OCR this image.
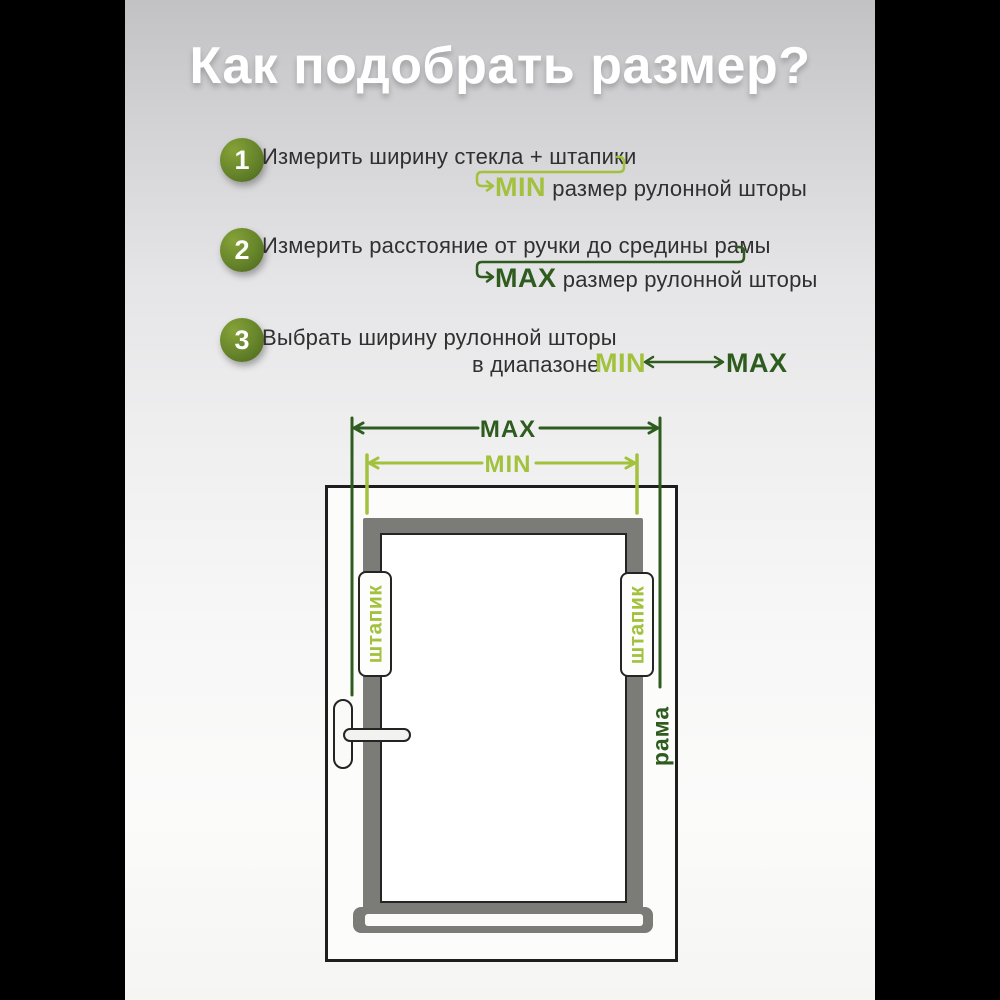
Как подобрать размер?
1 Измерить ширину стекла + штапики
MIN размер рулонной шторы
2 Измерить расстояние от ручки до средины рамы
MAX размер рулонной шторы
3 Выбрать ширину рулонной шторы
в диапазоне
MIN	MAX
штапик	штапик
рама
MAX
MIN
